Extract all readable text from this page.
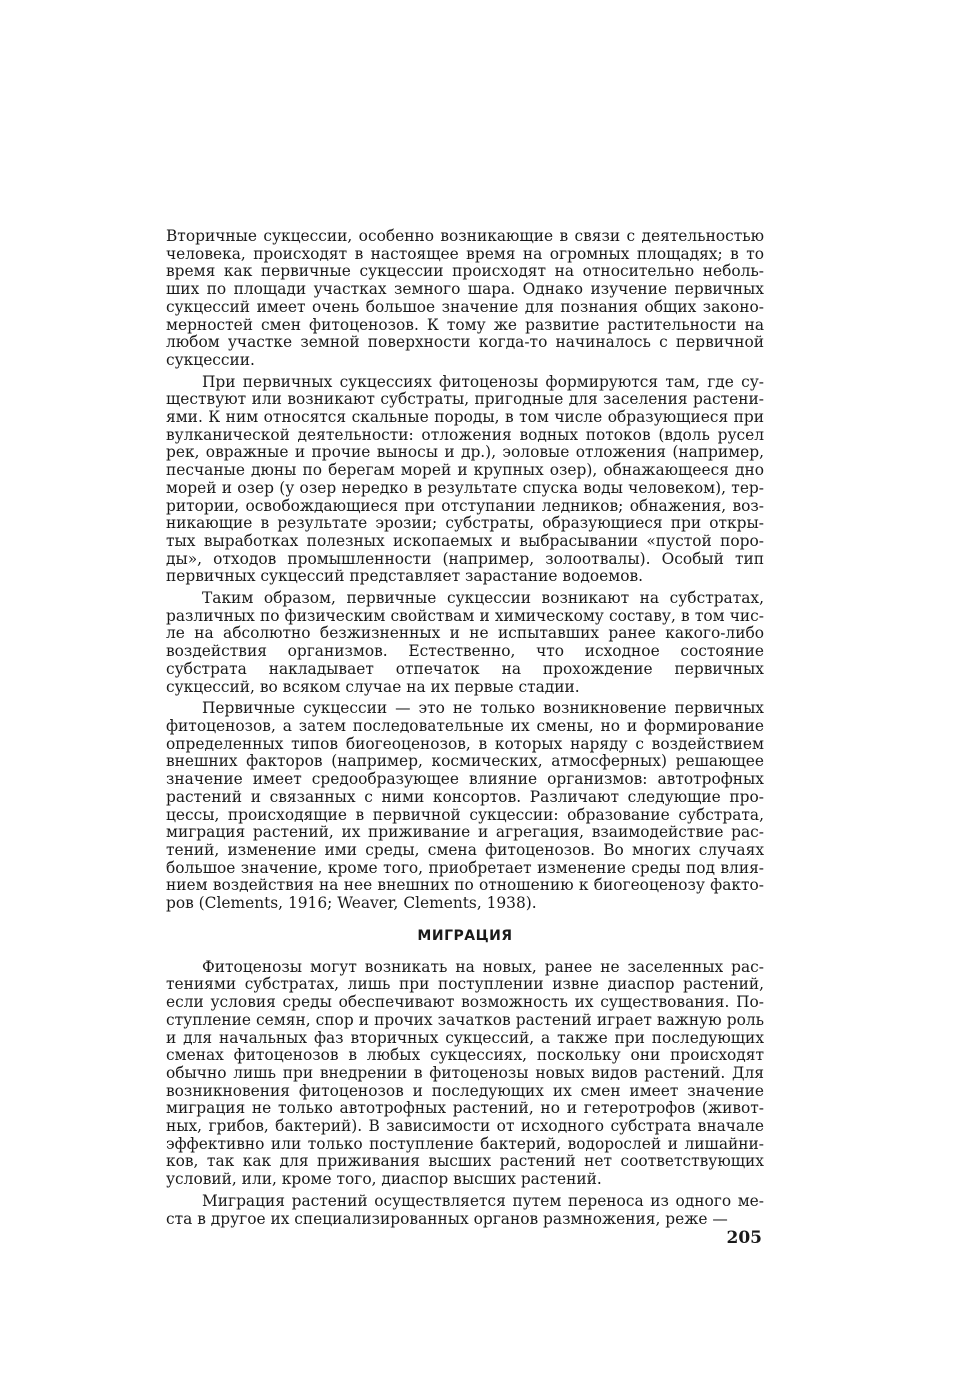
Вторичные сукцессии, особенно возникающие в связи с деятельностью человека, происходят в настоящее время на огромных площадях; в то время как первичные сукцессии происходят на относительно небольших по площади участках земного шара. Однако изучение первичных сукцессий имеет очень большое значение для познания общих закономерностей смен фитоценозов. К тому же развитие растительности на любом участке земной поверхности когда-то начиналось с первичной сукцессии.

При первичных сукцессиях фитоценозы формируются там, где существуют или возникают субстраты, пригодные для заселения растениями. К ним относятся скальные породы, в том числе образующиеся при вулканической деятельности: отложения водных потоков (вдоль русел рек, овражные и прочие выносы и др.), эоловые отложения (например, песчаные дюны по берегам морей и крупных озер), обнажающееся дно морей и озер (у озер нередко в результате спуска воды человеком), территории, освобождающиеся при отступании ледников; обнажения, возникающие в результате эрозии; субстраты, образующиеся при открытых выработках полезных ископаемых и выбрасывании «пустой породы», отходов промышленности (например, золоотвалы). Особый тип первичных сукцессий представляет зарастание водоемов.

Таким образом, первичные сукцессии возникают на субстратах, различных по физическим свойствам и химическому составу, в том числе на абсолютно безжизненных и не испытавших ранее какого-либо воздействия организмов. Естественно, что исходное состояние субстрата накладывает отпечаток на прохождение первичных сукцессий, во всяком случае на их первые стадии.

Первичные сукцессии — это не только возникновение первичных фитоценозов, а затем последовательные их смены, но и формирование определенных типов биогеоценозов, в которых наряду с воздействием внешних факторов (например, космических, атмосферных) решающее значение имеет средообразующее влияние организмов: автотрофных растений и связанных с ними консортов. Различают следующие процессы, происходящие в первичной сукцессии: образование субстрата, миграция растений, их приживание и агрегация, взаимодействие растений, изменение ими среды, смена фитоценозов. Во многих случаях большое значение, кроме того, приобретает изменение среды под влиянием воздействия на нее внешних по отношению к биогеоценозу факторов (Clements, 1916; Weaver, Clements, 1938).

МИГРАЦИЯ

Фитоценозы могут возникать на новых, ранее не заселенных растениями субстратах, лишь при поступлении извне диаспор растений, если условия среды обеспечивают возможность их существования. Поступление семян, спор и прочих зачатков растений играет важную роль и для начальных фаз вторичных сукцессий, а также при последующих сменах фитоценозов в любых сукцессиях, поскольку они происходят обычно лишь при внедрении в фитоценозы новых видов растений. Для возникновения фитоценозов и последующих их смен имеет значение миграция не только автотрофных растений, но и гетеротрофов (животных, грибов, бактерий). В зависимости от исходного субстрата вначале эффективно или только поступление бактерий, водорослей и лишайников, так как для приживания высших растений нет соответствующих условий, или, кроме того, диаспор высших растений.

Миграция растений осуществляется путем переноса из одного места в другое их специализированных органов размножения, реже —

205
